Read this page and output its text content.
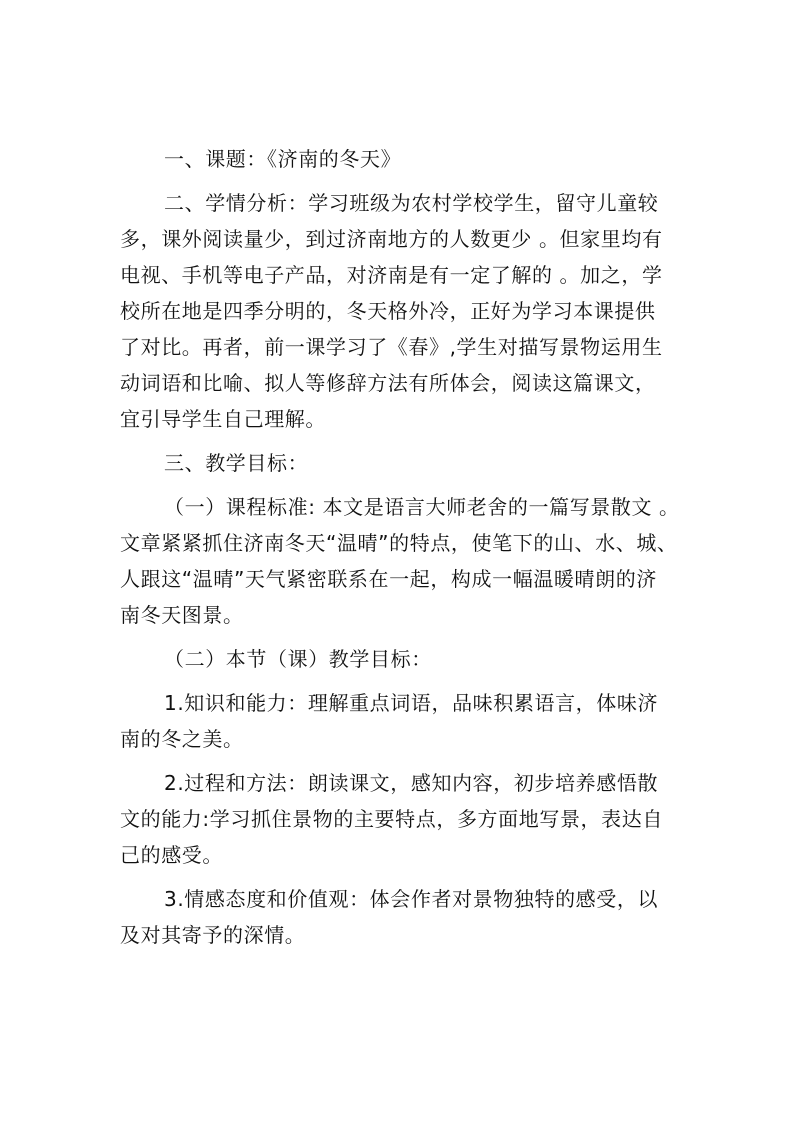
一、课题：《济南的冬天》

二、学情分析：学习班级为农村学校学生，留守儿童较

多，课外阅读量少，到过济南地方的人数更少 。但家里均有

电视、手机等电子产品，对济南是有一定了解的 。加之，学

校所在地是四季分明的，冬天格外冷，正好为学习本课提供

了对比。再者，前一课学习了《春》,学生对描写景物运用生

动词语和比喻、拟人等修辞方法有所体会，阅读这篇课文，

宜引导学生自己理解。

三、教学目标：

（一）课程标准: 本文是语言大师老舍的一篇写景散文 。

文章紧紧抓住济南冬天“温晴”的特点，使笔下的山、水、城、

人跟这“温晴”天气紧密联系在一起，构成一幅温暖晴朗的济

南冬天图景。

（二）本节（课）教学目标：

1.知识和能力：理解重点词语，品味积累语言，体味济

南的冬之美。

2.过程和方法：朗读课文，感知内容，初步培养感悟散

文的能力:学习抓住景物的主要特点，多方面地写景，表达自

己的感受。

3.情感态度和价值观：体会作者对景物独特的感受，以

及对其寄予的深情。
